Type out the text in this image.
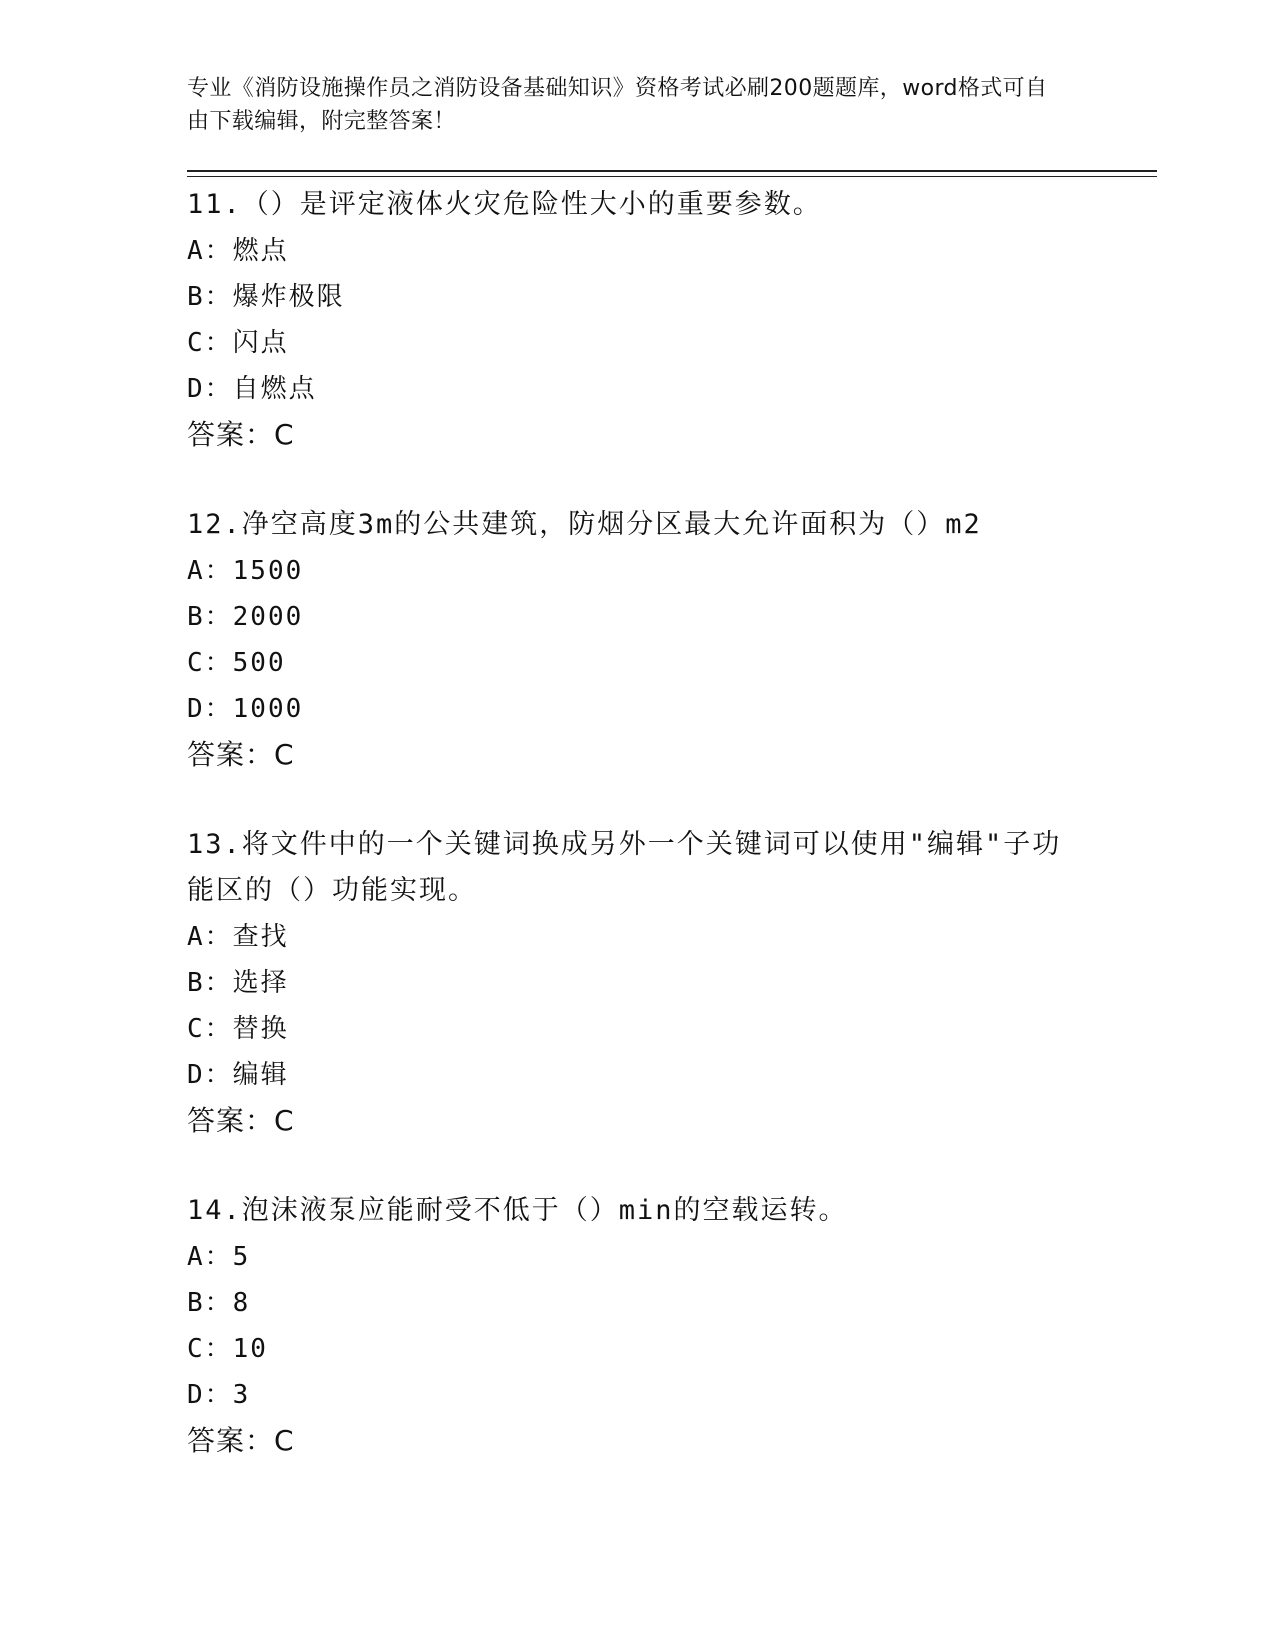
专业《消防设施操作员之消防设备基础知识》资格考试必刷200题题库，word格式可自由下载编辑，附完整答案！

11.（）是评定液体火灾危险性大小的重要参数。

A：燃点

B：爆炸极限

C：闪点

D：自燃点

答案：C

12.净空高度3m的公共建筑，防烟分区最大允许面积为（）m2

A：1500

B：2000

C：500

D：1000

答案：C

13.将文件中的一个关键词换成另外一个关键词可以使用"编辑"子功能区的（）功能实现。

A：查找

B：选择

C：替换

D：编辑

答案：C

14.泡沫液泵应能耐受不低于（）min的空载运转。

A：5

B：8

C：10

D：3

答案：C
